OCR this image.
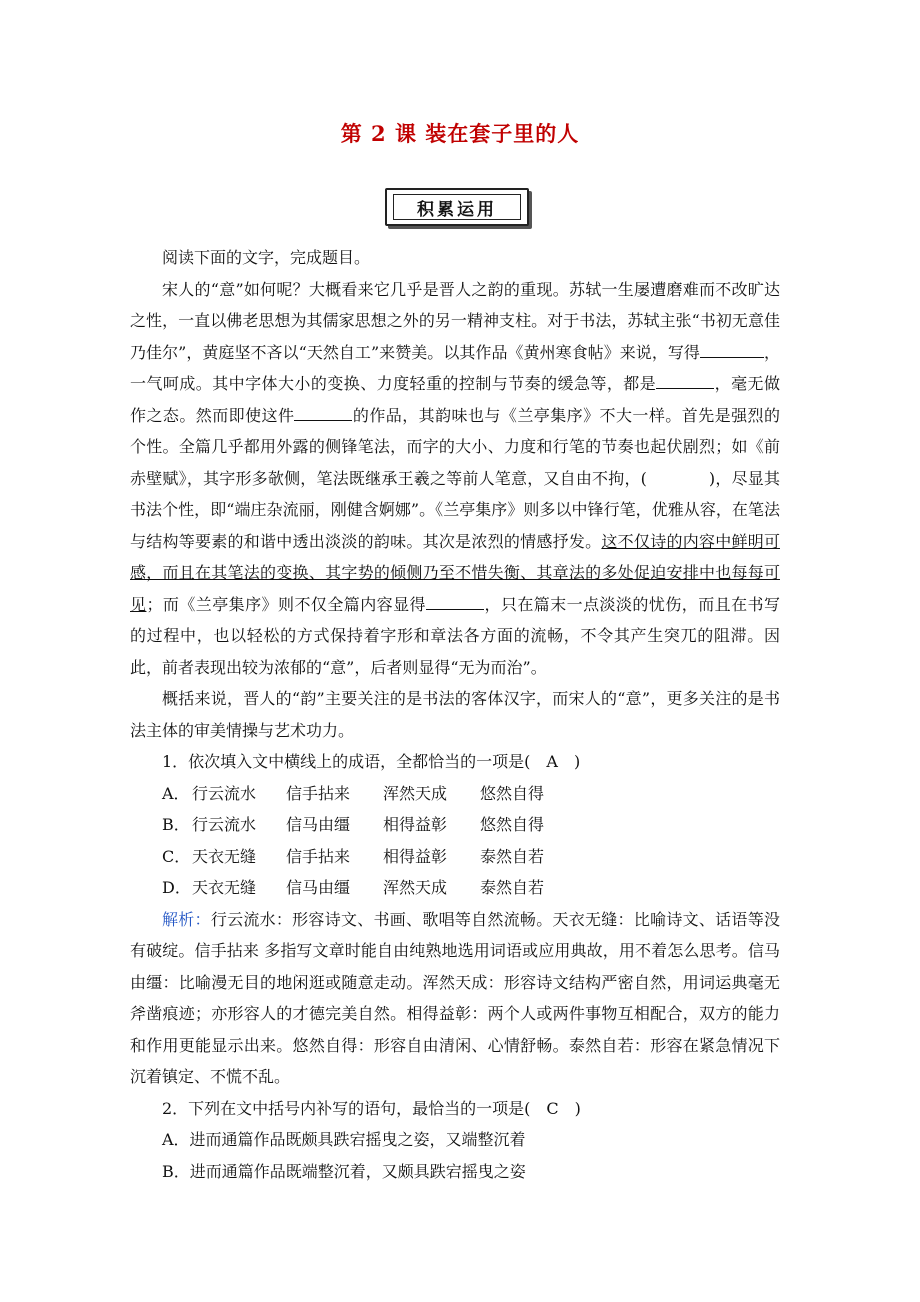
第 2 课 装在套子里的人
积累运用

阅读下面的文字，完成题目。

宋人的“意”如何呢？大概看来它几乎是晋人之韵的重现。苏轼一生屡遭磨难而不改旷达之性，一直以佛老思想为其儒家思想之外的另一精神支柱。对于书法，苏轼主张“书初无意佳乃佳尔”，黄庭坚不吝以“天然自工”来赞美。以其作品《黄州寒食帖》来说，写得	，一气呵成。其中字体大小的变换、力度轻重的控制与节奏的缓急等，都是	，毫无做作之态。然而即使这件	的作品，其韵味也与《兰亭集序》不大一样。首先是强烈的个性。全篇几乎都用外露的侧锋笔法，而字的大小、力度和行笔的节奏也起伏剧烈；如《前赤壁赋》，其字形多欹侧，笔法既继承王羲之等前人笔意，又自由不拘，(	)，尽显其书法个性，即“端庄杂流丽，刚健含婀娜”。《兰亭集序》则多以中锋行笔，优雅从容，在笔法与结构等要素的和谐中透出淡淡的韵味。其次是浓烈的情感抒发。这不仅诗的内容中鲜明可感，而且在其笔法的变换、其字势的倾侧乃至不惜失衡、其章法的多处促迫安排中也每每可见；而《兰亭集序》则不仅全篇内容显得	，只在篇末一点淡淡的忧伤，而且在书写的过程中，也以轻松的方式保持着字形和章法各方面的流畅，不令其产生突兀的阻滞。因此，前者表现出较为浓郁的“意”，后者则显得“无为而治”。

概括来说，晋人的“韵”主要关注的是书法的客体汉字，而宋人的“意”，更多关注的是书法主体的审美情操与艺术功力。

1．依次填入文中横线上的成语，全都恰当的一项是(　A　)

A． 行云流水	信手拈来	浑然天成	悠然自得
B． 行云流水	信马由缰	相得益彰	悠然自得
C． 天衣无缝	信手拈来	相得益彰	泰然自若
D． 天衣无缝	信马由缰	浑然天成	泰然自若

解析：行云流水：形容诗文、书画、歌唱等自然流畅。天衣无缝：比喻诗文、话语等没有破绽。信手拈来 多指写文章时能自由纯熟地选用词语或应用典故，用不着怎么思考。信马由缰：比喻漫无目的地闲逛或随意走动。浑然天成：形容诗文结构严密自然，用词运典毫无斧凿痕迹；亦形容人的才德完美自然。相得益彰：两个人或两件事物互相配合，双方的能力和作用更能显示出来。悠然自得：形容自由清闲、心情舒畅。泰然自若：形容在紧急情况下沉着镇定、不慌不乱。

2．下列在文中括号内补写的语句，最恰当的一项是(　C　)

A．进而通篇作品既颇具跌宕摇曳之姿，又端整沉着

B．进而通篇作品既端整沉着，又颇具跌宕摇曳之姿
